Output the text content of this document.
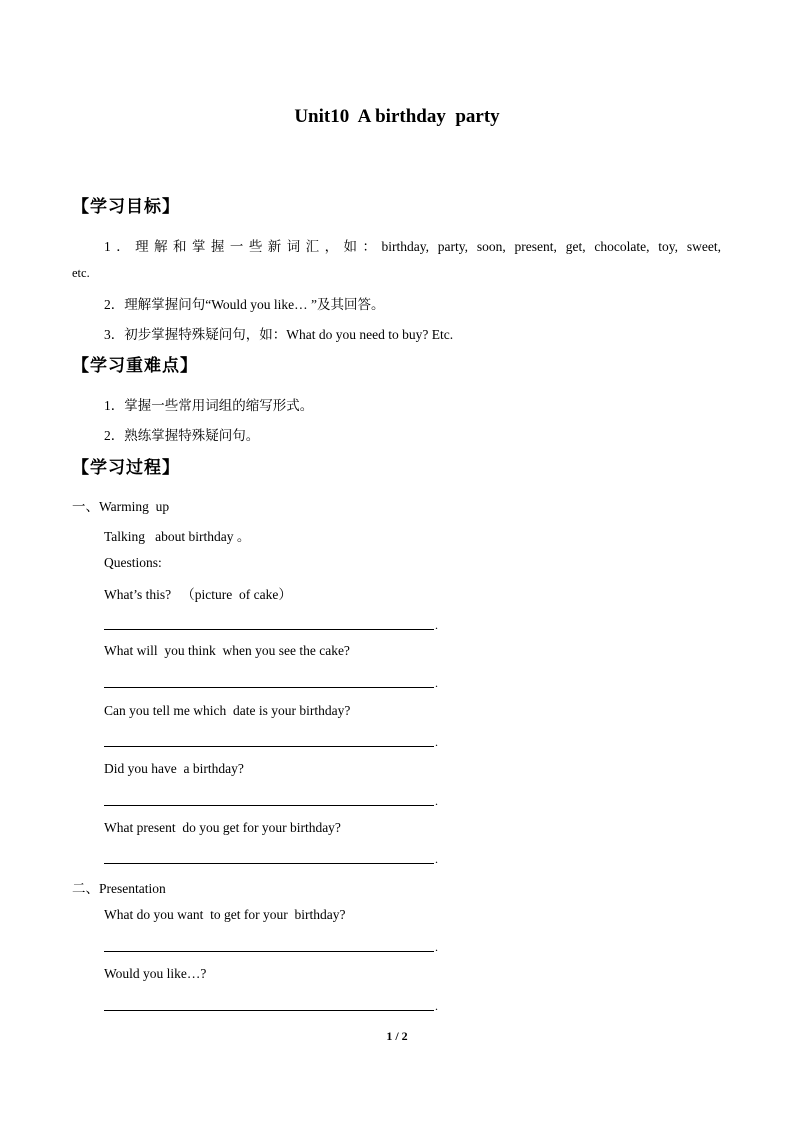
Unit10  A birthday  party
【学习目标】
1．理解和掌握一些新词汇，如：birthday, party, soon, present, get, chocolate, toy, sweet,
etc.
2．理解掌握问句“Would you like… ”及其回答。
3．初步掌握特殊疑问句，如：What do you need to buy? Etc.
【学习重难点】
1．掌握一些常用词组的缩写形式。
2．熟练掌握特殊疑问句。
【学习过程】
一、Warming  up
Talking   about birthday 。
Questions:
What’s this?   （picture  of cake）
.
What will  you think  when you see the cake?
.
Can you tell me which  date is your birthday?
.
Did you have  a birthday?
.
What present  do you get for your birthday?
.
二、Presentation
What do you want  to get for your  birthday?
.
Would you like…?
.
1 / 2
